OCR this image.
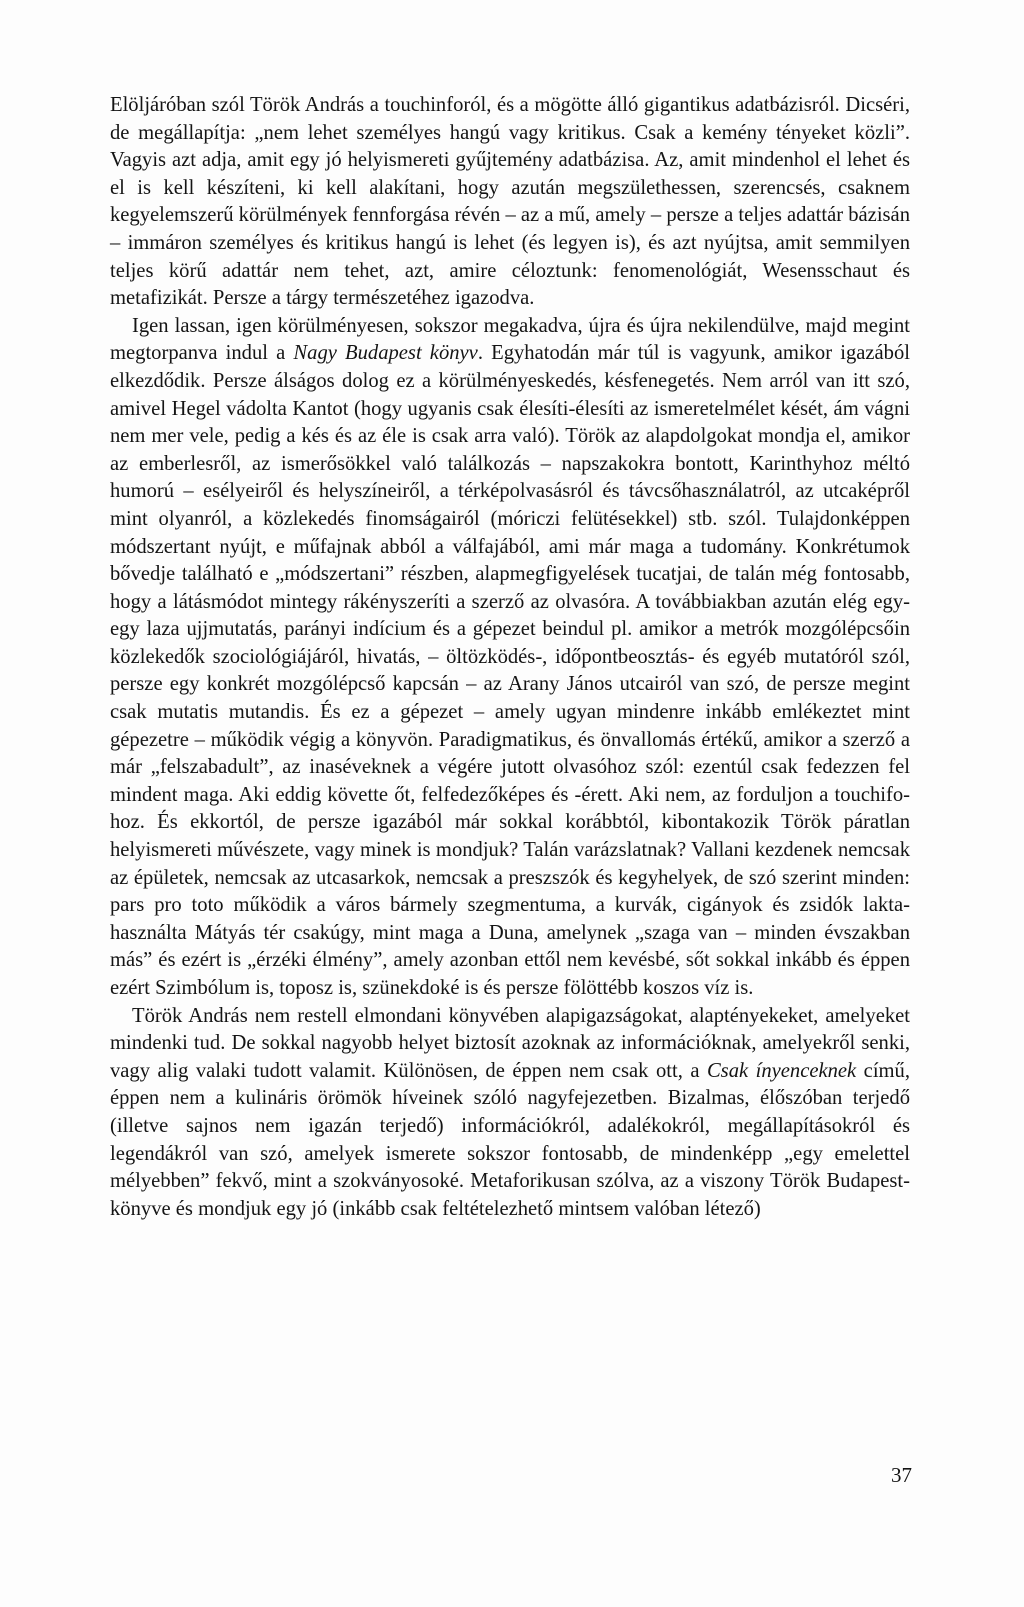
Elöljáróban szól Török András a touchinforól, és a mögötte álló gigantikus adatbázisról. Dicséri, de megállapítja: „nem lehet személyes hangú vagy kritikus. Csak a kemény tényeket közli”. Vagyis azt adja, amit egy jó helyismereti gyűjtemény adatbázisa. Az, amit mindenhol el lehet és el is kell készíteni, ki kell alakítani, hogy azután megszülethessen, szerencsés, csaknem kegyelemszerű körülmények fennforgása révén – az a mű, amely – persze a teljes adattár bázisán – immáron személyes és kritikus hangú is lehet (és legyen is), és azt nyújtsa, amit semmilyen teljes körű adattár nem tehet, azt, amire céloztunk: fenomenológiát, Wesensschaut és metafizikát. Persze a tárgy természetéhez igazodva.

Igen lassan, igen körülményesen, sokszor megakadva, újra és újra nekilendülve, majd megint megtorpanva indul a Nagy Budapest könyv. Egyhatodán már túl is vagyunk, amikor igazából elkezdődik. Persze álságos dolog ez a körülményeskedés, késfenegetés. Nem arról van itt szó, amivel Hegel vádolta Kantot (hogy ugyanis csak élesíti-élesíti az ismeretelmélet kését, ám vágni nem mer vele, pedig a kés és az éle is csak arra való). Török az alapdolgokat mondja el, amikor az emberlesről, az ismerősökkel való találkozás – napszakokra bontott, Karinthyhoz méltó humorú – esélyeiről és helyszíneiről, a térképolvasásról és távcsőhasználatról, az utcaképről mint olyanról, a közlekedés finomságairól (móriczi felütésekkel) stb. szól. Tulajdonképpen módszertant nyújt, e műfajnak abból a válfajából, ami már maga a tudomány. Konkrétumok bővedje található e „módszertani” részben, alapmegfigyelések tucatjai, de talán még fontosabb, hogy a látásmódot mintegy rákényszeríti a szerző az olvasóra. A továbbiakban azután elég egy-egy laza ujjmutatás, parányi indícium és a gépezet beindul pl. amikor a metrók mozgólépcsőin közlekedők szociológiájáról, hivatás, – öltözködés-, időpontbeosztás- és egyéb mutatóról szól, persze egy konkrét mozgólépcső kapcsán – az Arany János utcairól van szó, de persze megint csak mutatis mutandis. És ez a gépezet – amely ugyan mindenre inkább emlékeztet mint gépezetre – működik végig a könyvön. Paradigmatikus, és önvallomás értékű, amikor a szerző a már „felszabadult”, az inaséveknek a végére jutott olvasóhoz szól: ezentúl csak fedezzen fel mindent maga. Aki eddig követte őt, felfedezőképes és -érett. Aki nem, az forduljon a touchifohoz. És ekkortól, de persze igazából már sokkal korábbtól, kibontakozik Török páratlan helyismereti művészete, vagy minek is mondjuk? Talán varázslatnak? Vallani kezdenek nemcsak az épületek, nemcsak az utcasarkok, nemcsak a preszszók és kegyhelyek, de szó szerint minden: pars pro toto működik a város bármely szegmentuma, a kurvák, cigányok és zsidók lakta-használta Mátyás tér csakúgy, mint maga a Duna, amelynek „szaga van – minden évszakban más” és ezért is „érzéki élmény”, amely azonban ettől nem kevésbé, sőt sokkal inkább és éppen ezért Szimbólum is, toposz is, szünekdoké is és persze fölöttébb koszos víz is.

Török András nem restell elmondani könyvében alapigazságokat, alaptényekeket, amelyeket mindenki tud. De sokkal nagyobb helyet biztosít azoknak az információknak, amelyekről senki, vagy alig valaki tudott valamit. Különösen, de éppen nem csak ott, a Csak ínyenceknek című, éppen nem a kulináris örömök híveinek szóló nagyfejezetben. Bizalmas, élőszóban terjedő (illetve sajnos nem igazán terjedő) információkról, adalékokról, megállapításokról és legendákról van szó, amelyek ismerete sokszor fontosabb, de mindenképp „egy emelettel mélyebben” fekvő, mint a szokványosoké. Metaforikusan szólva, az a viszony Török Budapestkönyve és mondjuk egy jó (inkább csak feltételezhető mintsem valóban létező)

37
